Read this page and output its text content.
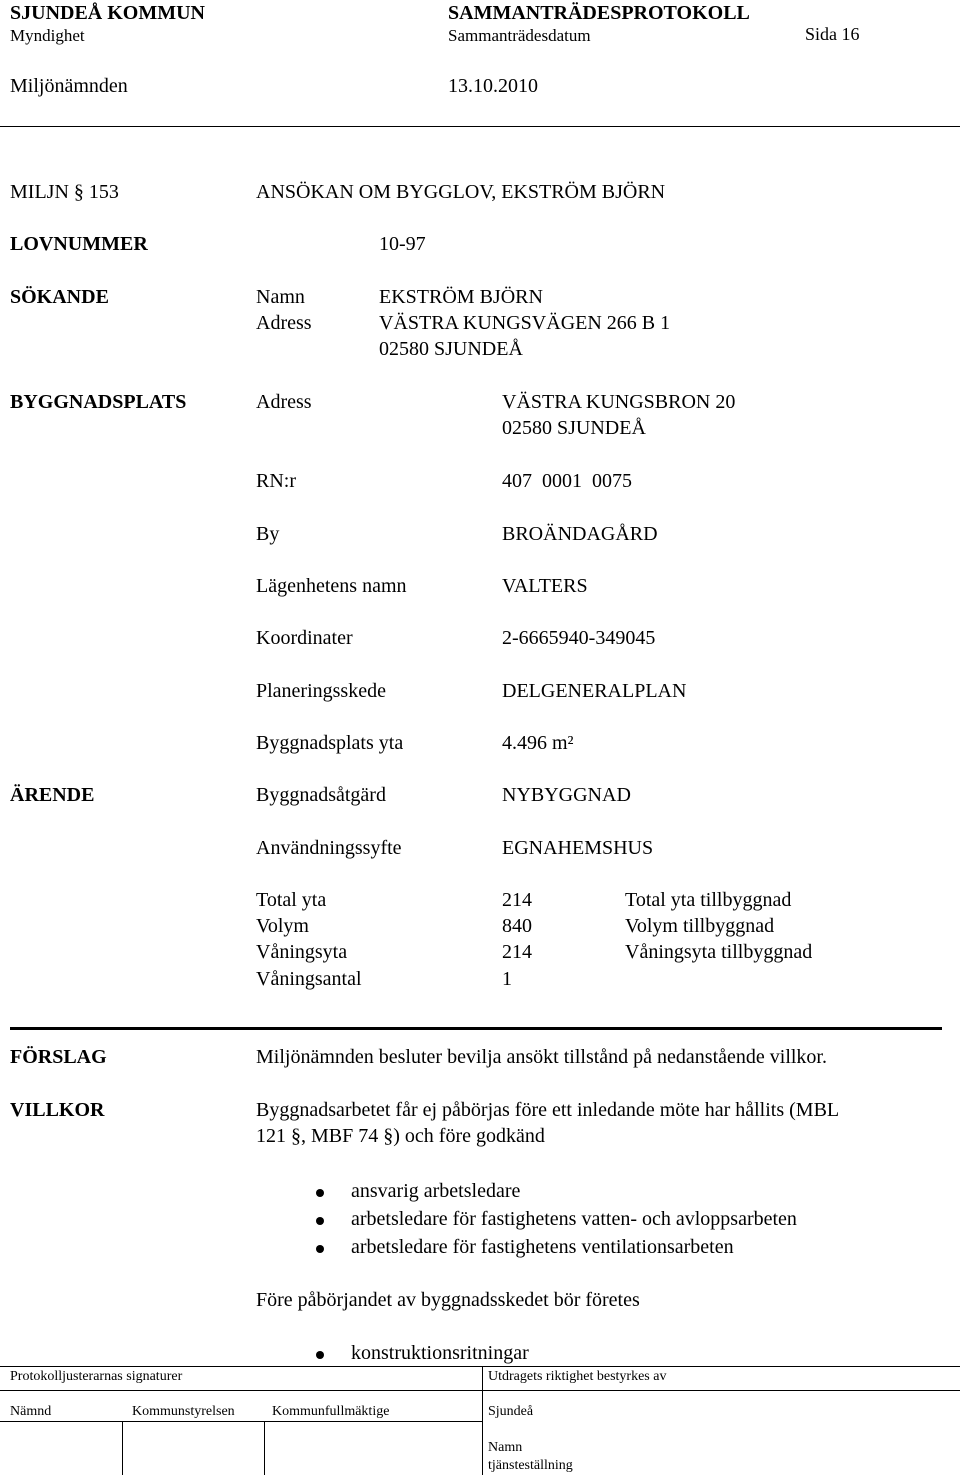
SJUNDEÅ KOMMUN	SAMMANTRÄDESPROTOKOLL
Myndighet	Sammanträdesdatum	Sida 16
Miljönämnden	13.10.2010
MILJN § 153	ANSÖKAN OM BYGGLOV, EKSTRÖM BJÖRN
LOVNUMMER	10-97
SÖKANDE	Namn	EKSTRÖM BJÖRN
Adress	VÄSTRA KUNGSVÄGEN 266 B 1
02580 SJUNDEÅ
BYGGNADSPLATS	Adress	VÄSTRA KUNGSBRON 20
02580 SJUNDEÅ
RN:r	407  0001  0075
By	BROÄNDAGÅRD
Lägenhetens namn	VALTERS
Koordinater	2-6665940-349045
Planeringsskede	DELGENERALPLAN
Byggnadsplats yta	4.496 m²
ÄRENDE	Byggnadsåtgärd	NYBYGGNAD
Användningssyfte	EGNAHEMSHUS
Total yta	214	Total yta tillbyggnad
Volym	840	Volym tillbyggnad
Våningsyta	214	Våningsyta tillbyggnad
Våningsantal	1
FÖRSLAG	Miljönämnden besluter bevilja ansökt tillstånd på nedanstående villkor.
VILLKOR	Byggnadsarbetet får ej påbörjas före ett inledande möte har hållits (MBL
121 §, MBF 74 §) och före godkänd
ansvarig arbetsledare
arbetsledare för fastighetens vatten- och avloppsarbeten
arbetsledare för fastighetens ventilationsarbeten
Före påbörjandet av byggnadsskedet bör företes
konstruktionsritningar
Protokolljusterarnas signaturer	Utdragets riktighet bestyrkes av
Nämnd	Kommunstyrelsen	Kommunfullmäktige	Sjundeå
Namn
tjänsteställning
